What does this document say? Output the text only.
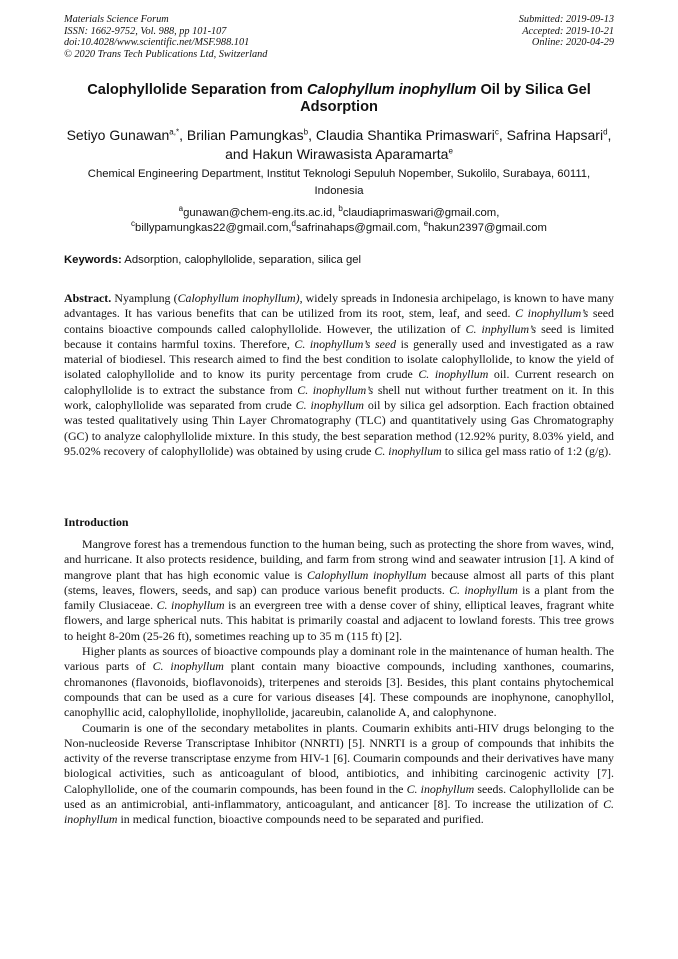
Materials Science Forum
ISSN: 1662-9752, Vol. 988, pp 101-107
doi:10.4028/www.scientific.net/MSF.988.101
© 2020 Trans Tech Publications Ltd, Switzerland
Submitted: 2019-09-13
Accepted: 2019-10-21
Online: 2020-04-29
Calophyllolide Separation from Calophyllum inophyllum Oil by Silica Gel Adsorption
Setiyo Gunawan$^{a,*}$, Brilian Pamungkas$^b$, Claudia Shantika Primaswari$^c$, Safrina Hapsari$^d$, and Hakun Wirawasista Aparamarta$^e$
Chemical Engineering Department, Institut Teknologi Sepuluh Nopember, Sukolilo, Surabaya, 60111, Indonesia
$^a$gunawan@chem-eng.its.ac.id, $^b$claudiaprimaswari@gmail.com, $^c$billypamungkas22@gmail.com,$^d$safrinahaps@gmail.com, $^e$hakun2397@gmail.com
Keywords: Adsorption, calophyllolide, separation, silica gel
Abstract. Nyamplung (Calophyllum inophyllum), widely spreads in Indonesia archipelago, is known to have many advantages. It has various benefits that can be utilized from its root, stem, leaf, and seed. C inophyllum’s seed contains bioactive compounds called calophyllolide. However, the utilization of C. inphyllum’s seed is limited because it contains harmful toxins. Therefore, C. inophyllum’s seed is generally used and investigated as a raw material of biodiesel. This research aimed to find the best condition to isolate calophyllolide, to know the yield of isolated calophyllolide and to know its purity percentage from crude C. inophyllum oil. Current research on calophyllolide is to extract the substance from C. inophyllum’s shell nut without further treatment on it. In this work, calophyllolide was separated from crude C. inophyllum oil by silica gel adsorption. Each fraction obtained was tested qualitatively using Thin Layer Chromatography (TLC) and quantitatively using Gas Chromatography (GC) to analyze calophyllolide mixture. In this study, the best separation method (12.92% purity, 8.03% yield, and 95.02% recovery of calophyllolide) was obtained by using crude C. inophyllum to silica gel mass ratio of 1:2 (g/g).
Introduction

Mangrove forest has a tremendous function to the human being, such as protecting the shore from waves, wind, and hurricane. It also protects residence, building, and farm from strong wind and seawater intrusion [1]. A kind of mangrove plant that has high economic value is Calophyllum inophyllum because almost all parts of this plant (stems, leaves, flowers, seeds, and sap) can produce various benefit products. C. inophyllum is a plant from the family Clusiaceae. C. inophyllum is an evergreen tree with a dense cover of shiny, elliptical leaves, fragrant white flowers, and large spherical nuts. This habitat is primarily coastal and adjacent to lowland forests. This tree grows to height 8-20m (25-26 ft), sometimes reaching up to 35 m (115 ft) [2].

Higher plants as sources of bioactive compounds play a dominant role in the maintenance of human health. The various parts of C. inophyllum plant contain many bioactive compounds, including xanthones, coumarins, chromanones (flavonoids, bioflavonoids), triterpenes and steroids [3]. Besides, this plant contains phytochemical compounds that can be used as a cure for various diseases [4]. These compounds are inophynone, canophyllol, canophyllic acid, calophyllolide, inophyllolide, jacareubin, calanolide A, and calophynone.

Coumarin is one of the secondary metabolites in plants. Coumarin exhibits anti-HIV drugs belonging to the Non-nucleoside Reverse Transcriptase Inhibitor (NNRTI) [5]. NNRTI is a group of compounds that inhibits the activity of the reverse transcriptase enzyme from HIV-1 [6]. Coumarin compounds and their derivatives have many biological activities, such as anticoagulant of blood, antibiotics, and inhibiting carcinogenic activity [7]. Calophyllolide, one of the coumarin compounds, has been found in the C. inophyllum seeds. Calophyllolide can be used as an antimicrobial, anti-inflammatory, anticoagulant, and anticancer [8]. To increase the utilization of C. inophyllum in medical function, bioactive compounds need to be separated and purified.
